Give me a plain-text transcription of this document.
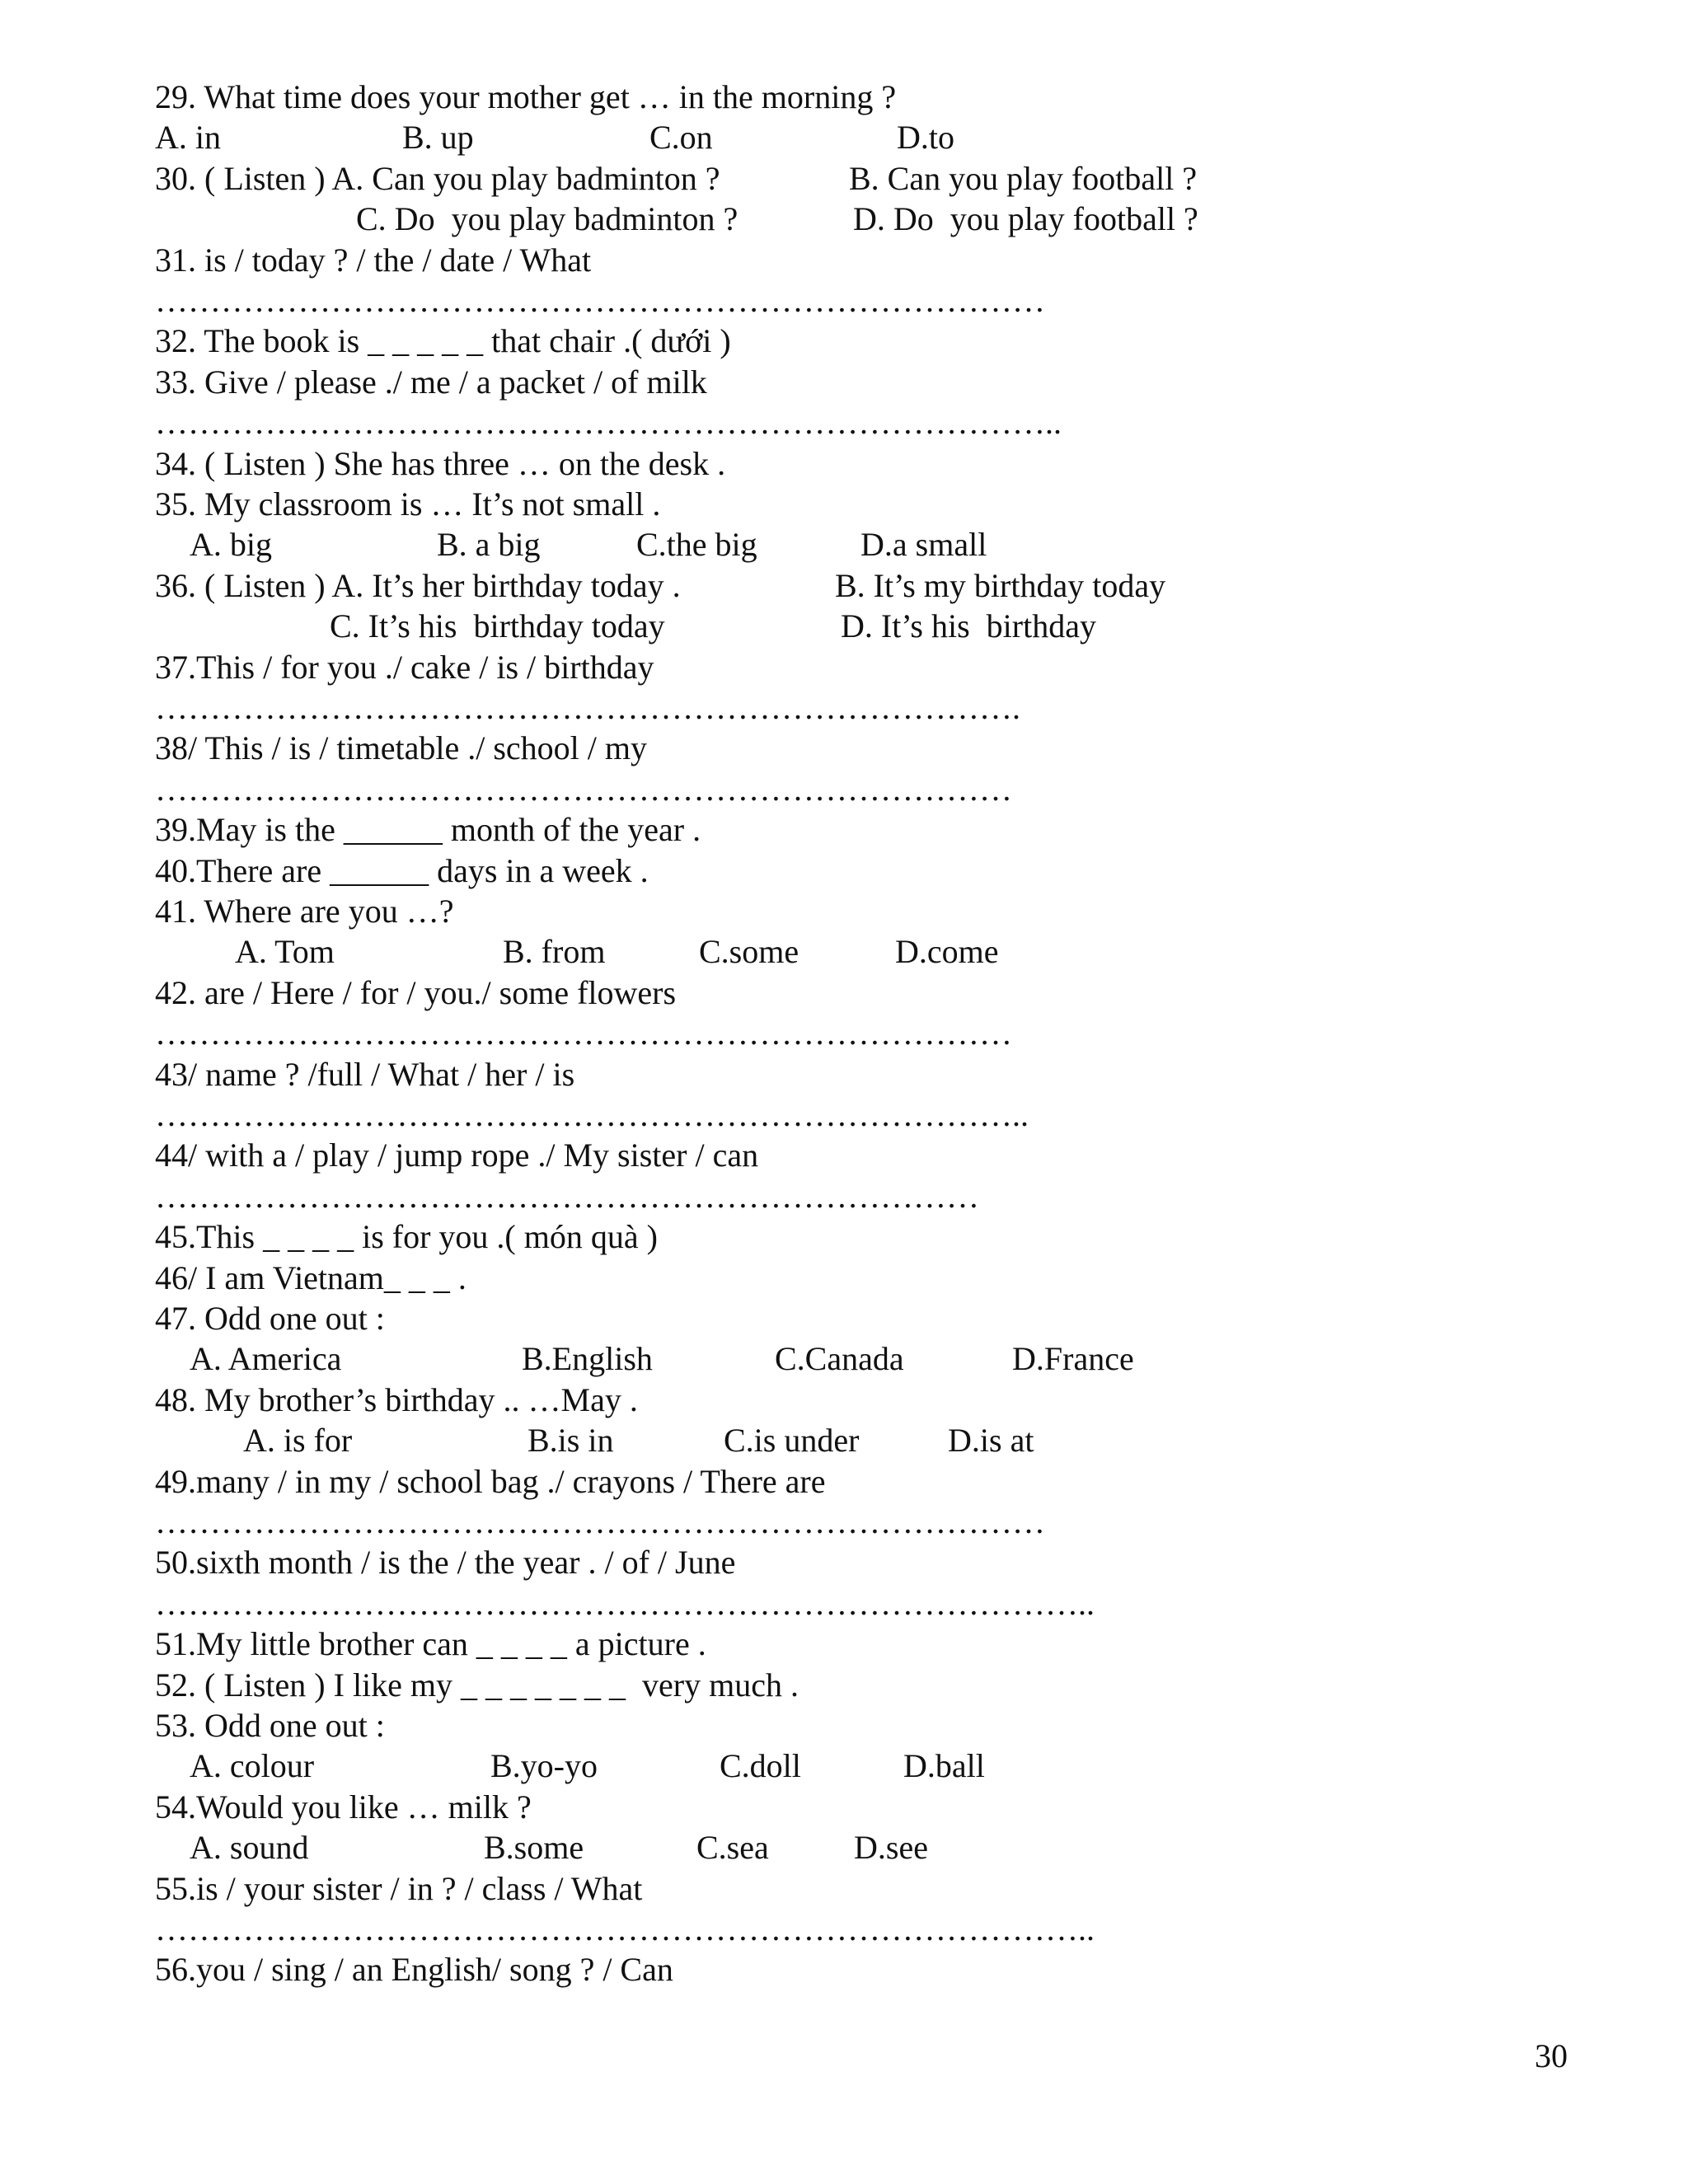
30
29. What time does your mother get … in the morning ?
A. in	B. up	C.on	D.to
30. ( Listen ) A. Can you play badminton ?	B. Can you play football ?
C. Do  you play badminton ?	D. Do  you play football ?
31. is / today ? / the / date / What
………………………………………………………………………
32. The book is _ _ _ _ _ that chair .( dưới )
33. Give / please ./ me / a packet / of milk
………………………………………………………………………..
34. ( Listen ) She has three … on the desk .
35. My classroom is … It’s not small .
A. big	B. a big	C.the big	D.a small
36. ( Listen ) A. It’s her birthday today .	B. It’s my birthday today
C. It’s his  birthday today	D. It’s his  birthday
37.This / for you ./ cake / is / birthday
…………………………………………………………………….
38/ This / is / timetable ./ school / my
……………………………………………………………………
39.May is the ______ month of the year .
40.There are ______ days in a week .
41. Where are you …?
A. Tom	B. from	C.some	D.come
42. are / Here / for / you./ some flowers
……………………………………………………………………
43/ name ? /full / What / her / is
……………………………………………………………………..
44/ with a / play / jump rope ./ My sister / can
…………………………………………………………………
45.This _ _ _ _ is for you .( món quà )
46/ I am Vietnam_ _ _ .
47. Odd one out :
A. America	B.English	C.Canada	D.France
48. My brother’s birthday .. …May .
A. is for	B.is in	C.is under	D.is at
49.many / in my / school bag ./ crayons / There are
………………………………………………………………………
50.sixth month / is the / the year . / of / June
…………………………………………………………………………..
51.My little brother can _ _ _ _ a picture .
52. ( Listen ) I like my _ _ _ _ _ _ _  very much .
53. Odd one out :
A. colour	B.yo-yo	C.doll	D.ball
54.Would you like … milk ?
A. sound	B.some	C.sea	D.see
55.is / your sister / in ? / class / What
…………………………………………………………………………..
56.you / sing / an English/ song ? / Can
